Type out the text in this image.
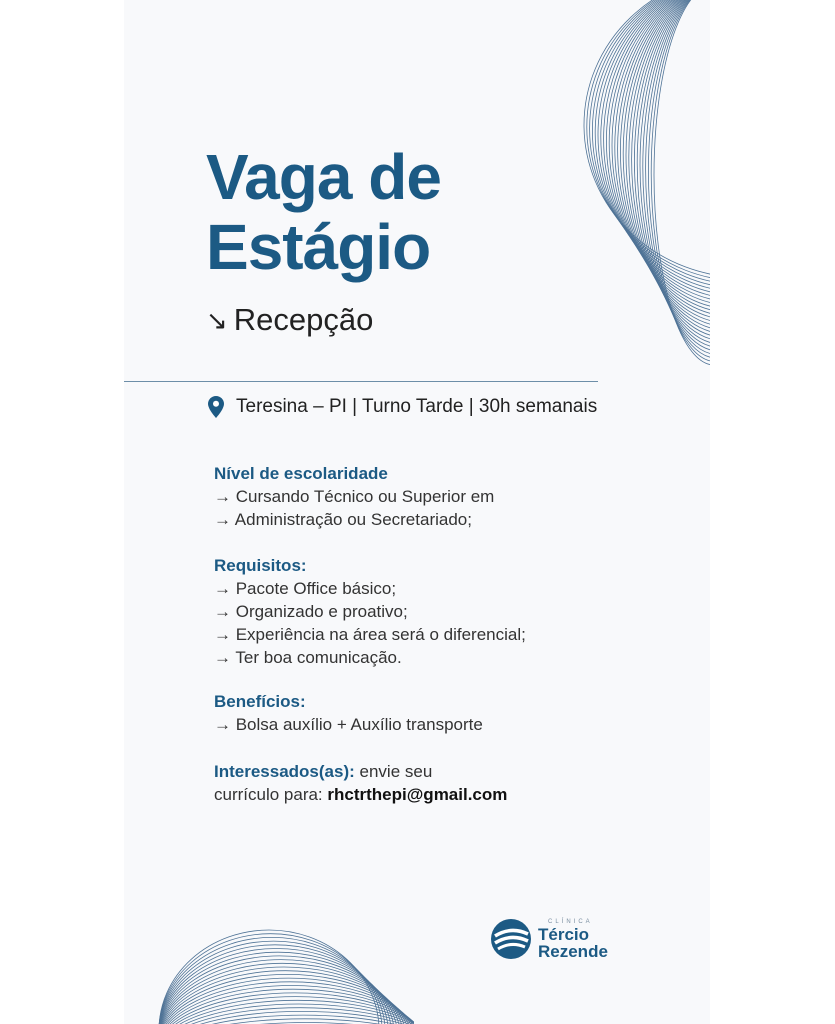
Vaga de
Estágio
↘ Recepção
Teresina – PI | Turno Tarde | 30h semanais
Nível de escolaridade

→ Cursando Técnico ou Superior em

→ Administração ou Secretariado;

Requisitos:

→ Pacote Office básico;

→ Organizado e proativo;

→ Experiência na área será o diferencial;

→ Ter boa comunicação.

Benefícios:

→ Bolsa auxílio + Auxílio transporte

Interessados(as): envie seu
currículo para: rhctrthepi@gmail.com
CLÍNICA
Tércio
Rezende
